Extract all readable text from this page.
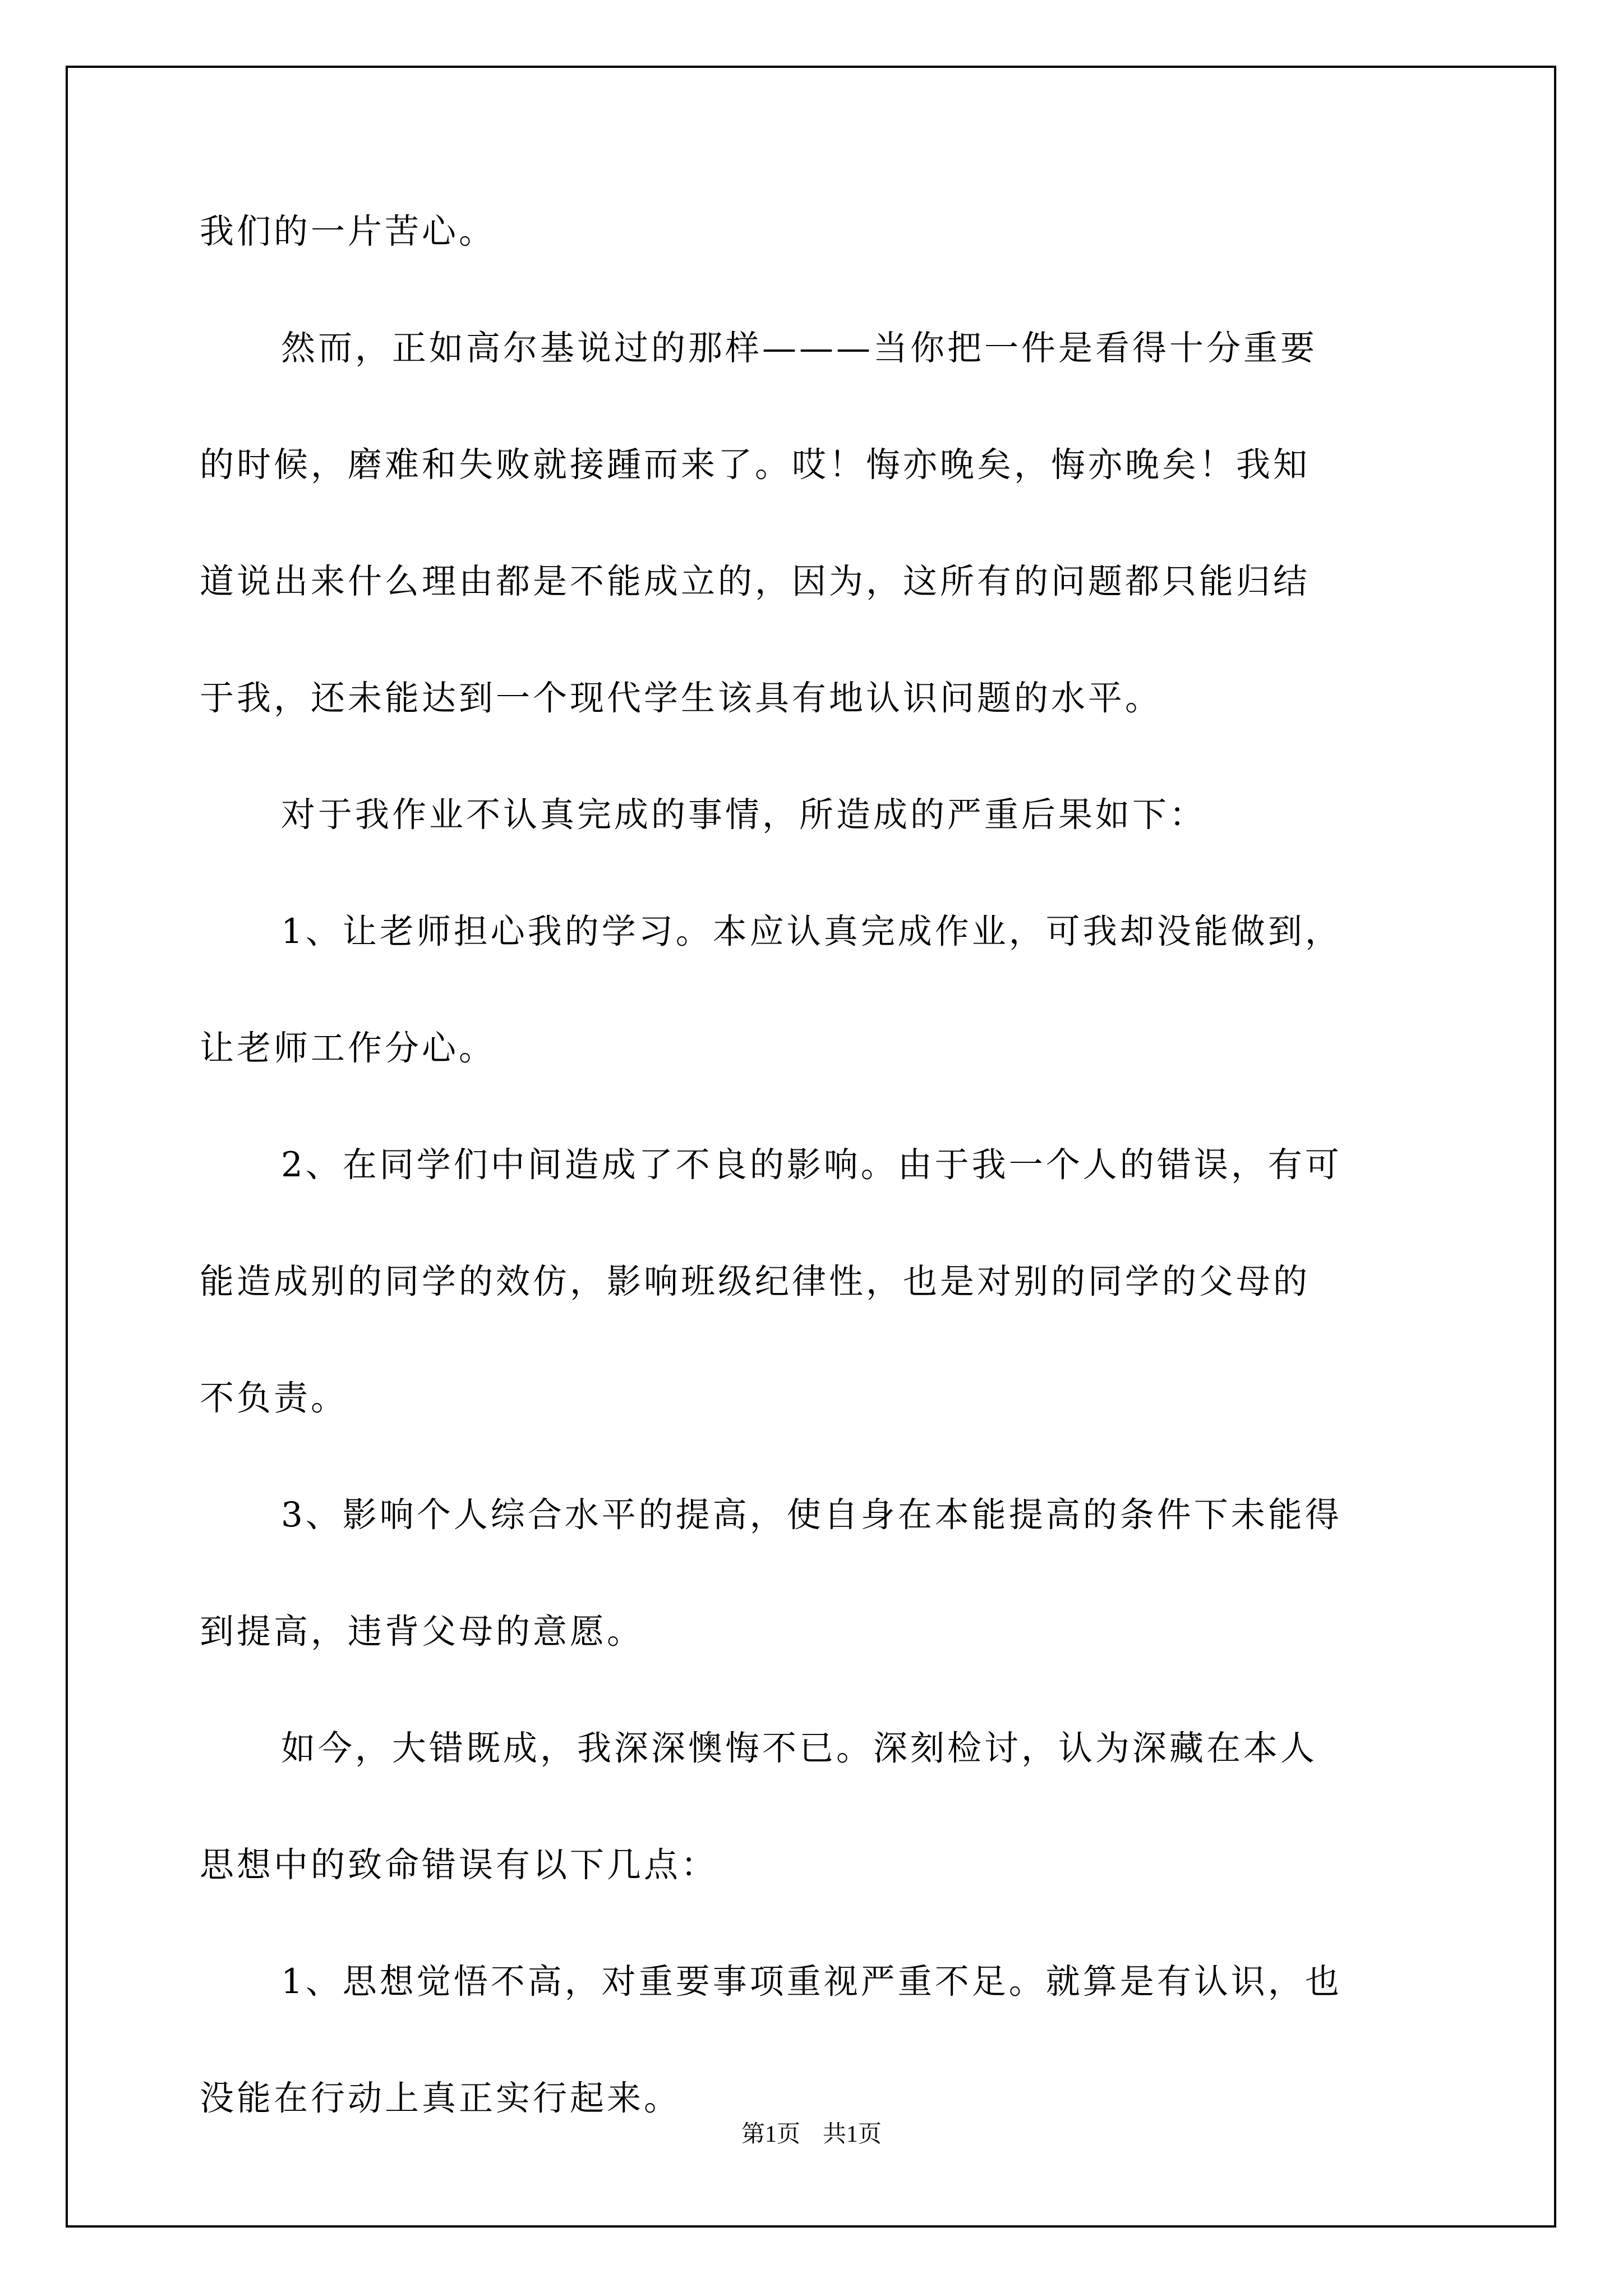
我们的一片苦心。
然而，正如高尔基说过的那样———当你把一件是看得十分重要
的时候，磨难和失败就接踵而来了。哎！悔亦晚矣，悔亦晚矣！我知
道说出来什么理由都是不能成立的，因为，这所有的问题都只能归结
于我，还未能达到一个现代学生该具有地认识问题的水平。
对于我作业不认真完成的事情，所造成的严重后果如下：
1、让老师担心我的学习。本应认真完成作业，可我却没能做到，
让老师工作分心。
2、在同学们中间造成了不良的影响。由于我一个人的错误，有可
能造成别的同学的效仿，影响班级纪律性，也是对别的同学的父母的
不负责。
3、影响个人综合水平的提高，使自身在本能提高的条件下未能得
到提高，违背父母的意愿。
如今，大错既成，我深深懊悔不已。深刻检讨，认为深藏在本人
思想中的致命错误有以下几点：
1、思想觉悟不高，对重要事项重视严重不足。就算是有认识，也
没能在行动上真正实行起来。
第1页 共1页
